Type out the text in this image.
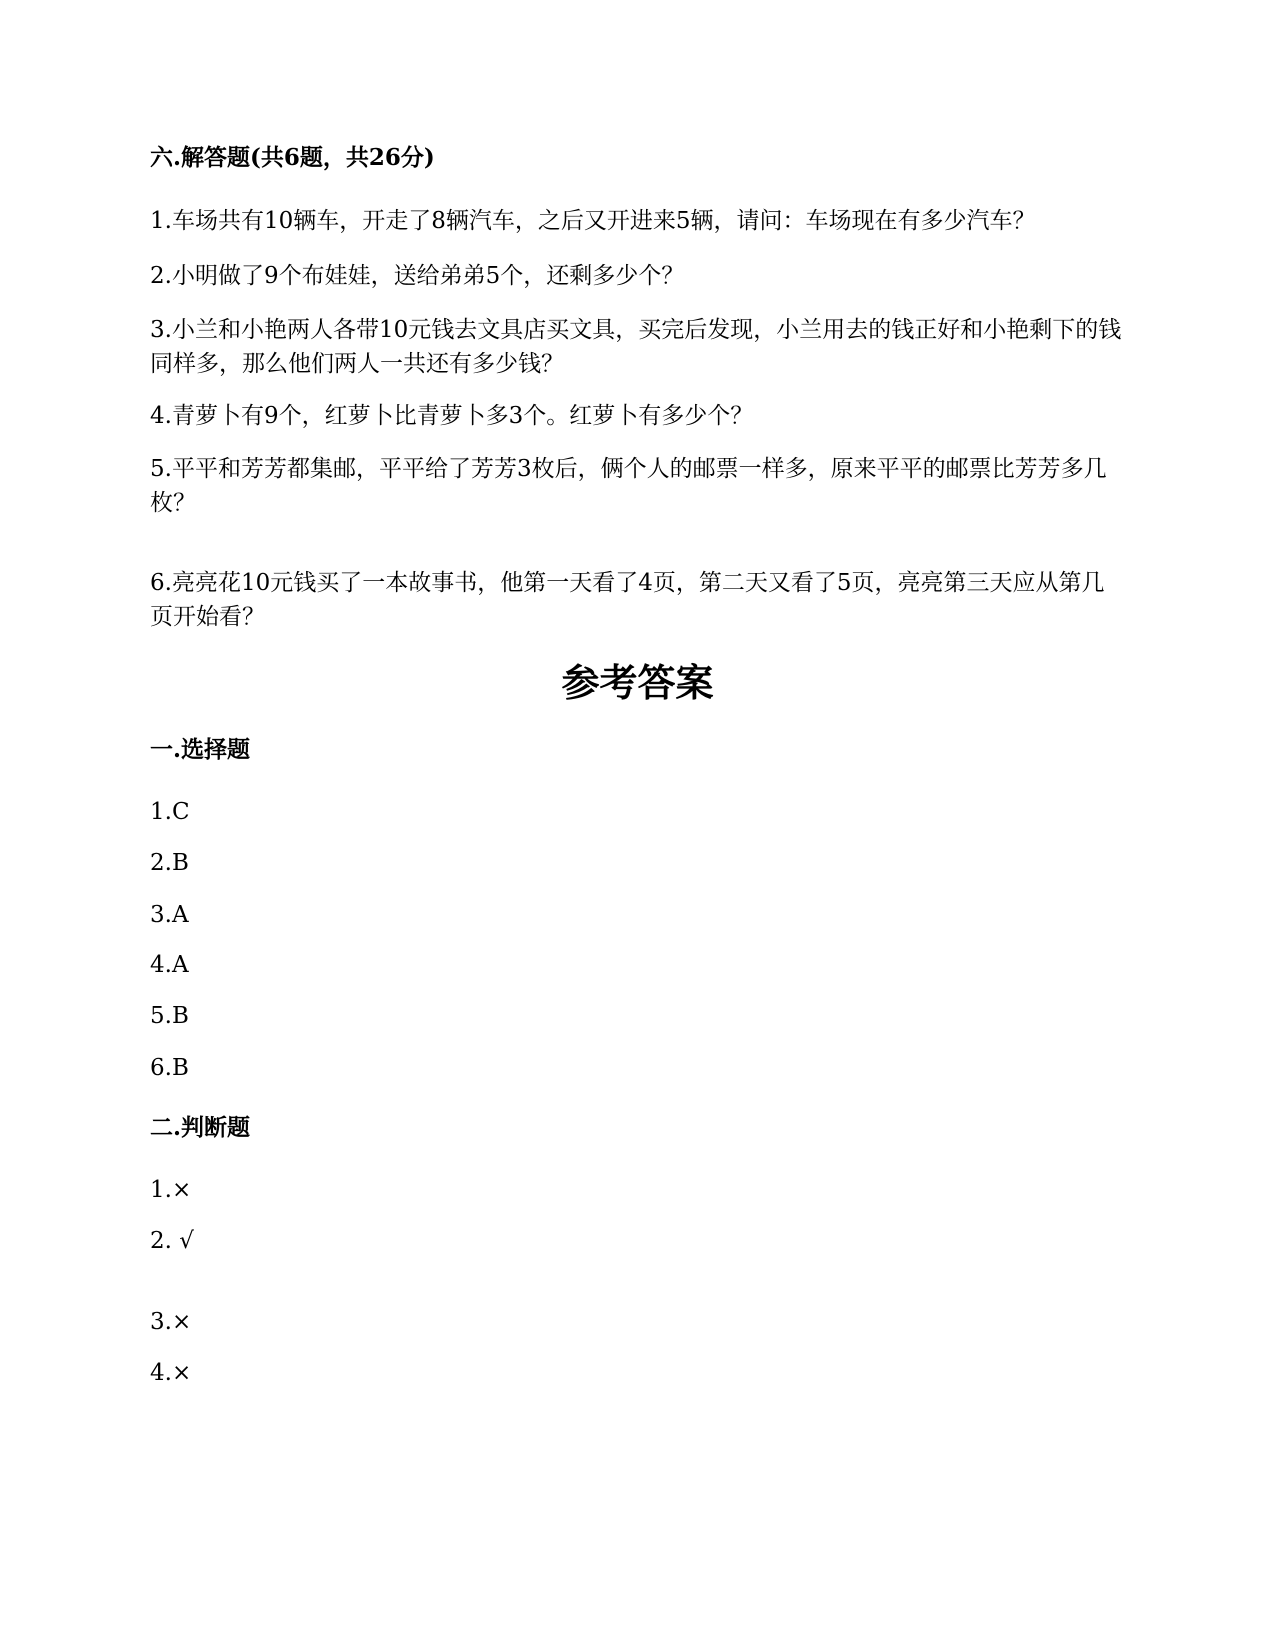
六.解答题(共6题，共26分)
1.车场共有10辆车，开走了8辆汽车，之后又开进来5辆，请问：车场现在有多少汽车？
2.小明做了9个布娃娃，送给弟弟5个，还剩多少个？
3.小兰和小艳两人各带10元钱去文具店买文具，买完后发现，小兰用去的钱正好和小艳剩下的钱同样多，那么他们两人一共还有多少钱？
4.青萝卜有9个，红萝卜比青萝卜多3个。红萝卜有多少个？
5.平平和芳芳都集邮，平平给了芳芳3枚后，俩个人的邮票一样多，原来平平的邮票比芳芳多几枚？
6.亮亮花10元钱买了一本故事书，他第一天看了4页，第二天又看了5页，亮亮第三天应从第几页开始看？
参考答案
一.选择题
1.C
2.B
3.A
4.A
5.B
6.B
二.判断题
1.×
2. √
3.×
4.×
